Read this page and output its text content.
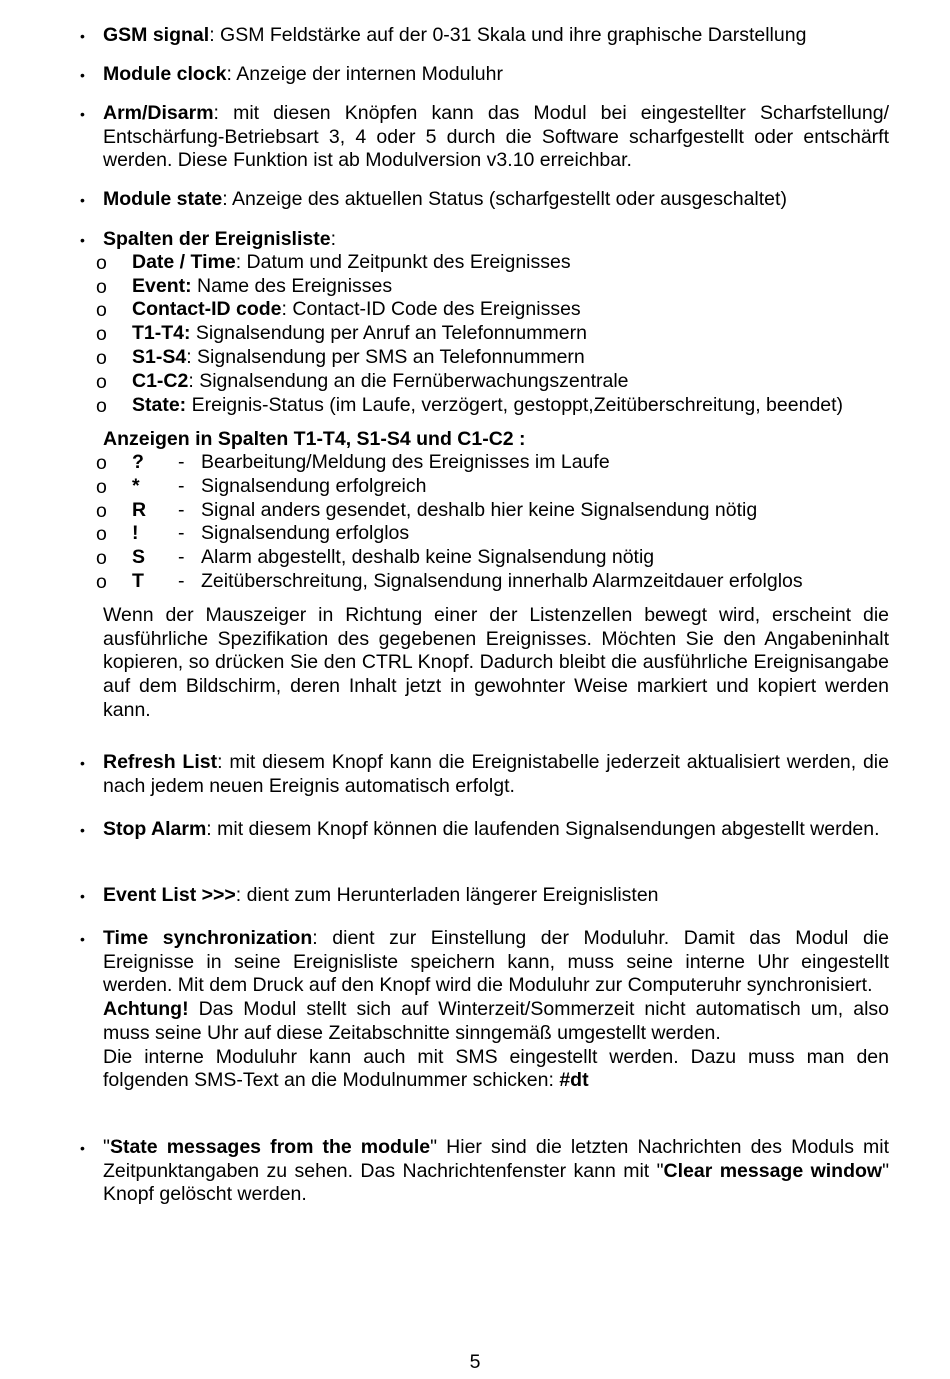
• GSM signal: GSM Feldstärke auf der 0-31 Skala und ihre graphische Darstellung
• Module clock: Anzeige der internen Moduluhr
• Arm/Disarm: mit diesen Knöpfen kann das Modul bei eingestellter Scharfstellung/ Entschärfung-Betriebsart 3, 4 oder 5 durch die Software scharfgestellt oder entschärft werden. Diese Funktion ist ab Modulversion v3.10 erreichbar.
• Module state: Anzeige des aktuellen Status (scharfgestellt oder ausgeschaltet)
• Spalten der Ereignisliste:
o Date / Time: Datum und Zeitpunkt des Ereignisses
o Event: Name des Ereignisses
o Contact-ID code: Contact-ID Code des Ereignisses
o T1-T4: Signalsendung per Anruf an Telefonnummern
o S1-S4: Signalsendung per SMS an Telefonnummern
o C1-C2: Signalsendung an die Fernüberwachungszentrale
o State: Ereignis-Status (im Laufe, verzögert, gestoppt,Zeitüberschreitung, beendet)
Anzeigen in Spalten T1-T4, S1-S4 und C1-C2 :
o ? - Bearbeitung/Meldung des Ereignisses im Laufe
o * - Signalsendung erfolgreich
o R - Signal anders gesendet, deshalb hier keine Signalsendung nötig
o ! - Signalsendung erfolglos
o S - Alarm abgestellt, deshalb keine Signalsendung nötig
o T - Zeitüberschreitung, Signalsendung innerhalb Alarmzeitdauer erfolglos
Wenn der Mauszeiger in Richtung einer der Listenzellen bewegt wird, erscheint die ausführliche Spezifikation des gegebenen Ereignisses. Möchten Sie den Angabeninhalt kopieren, so drücken Sie den CTRL Knopf. Dadurch bleibt die ausführliche Ereignisangabe auf dem Bildschirm, deren Inhalt jetzt in gewohnter Weise markiert und kopiert werden kann.
• Refresh List: mit diesem Knopf kann die Ereignistabelle jederzeit aktualisiert werden, die nach jedem neuen Ereignis automatisch erfolgt.
• Stop Alarm: mit diesem Knopf können die laufenden Signalsendungen abgestellt werden.
• Event List >>>: dient zum Herunterladen längerer Ereignislisten
• Time synchronization: dient zur Einstellung der Moduluhr. Damit das Modul die Ereignisse in seine Ereignisliste speichern kann, muss seine interne Uhr eingestellt werden. Mit dem Druck auf den Knopf wird die Moduluhr zur Computeruhr synchronisiert.
Achtung! Das Modul stellt sich auf Winterzeit/Sommerzeit nicht automatisch um, also muss seine Uhr auf diese Zeitabschnitte sinngemäß umgestellt werden.
Die interne Moduluhr kann auch mit SMS eingestellt werden. Dazu muss man den folgenden SMS-Text an die Modulnummer schicken: #dt
• "State messages from the module" Hier sind die letzten Nachrichten des Moduls mit Zeitpunktangaben zu sehen. Das Nachrichtenfenster kann mit "Clear message window" Knopf gelöscht werden.
5
